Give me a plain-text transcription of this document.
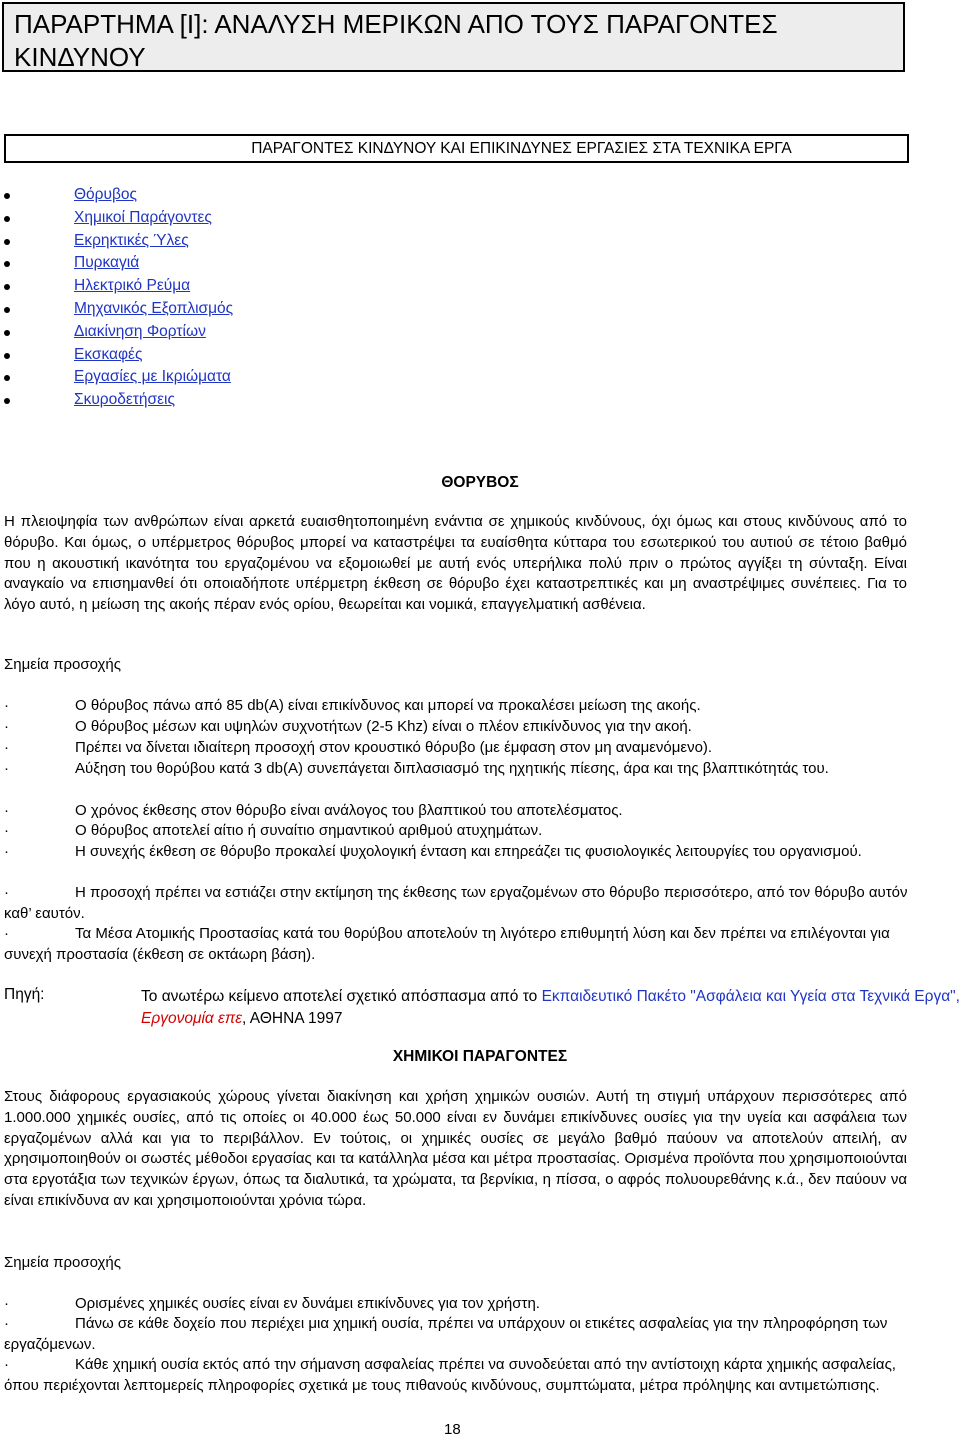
ΠΑΡΑΡΤΗΜΑ [Ι]: ΑΝΑΛΥΣΗ ΜΕΡΙΚΩΝ ΑΠΟ ΤΟΥΣ ΠΑΡΑΓΟΝΤΕΣ
ΚΙΝΔΥΝΟΥ
ΠΑΡΑΓΟΝΤΕΣ ΚΙΝΔΥΝΟΥ ΚΑΙ ΕΠΙΚΙΝΔΥΝΕΣ ΕΡΓΑΣΙΕΣ ΣΤΑ ΤΕΧΝΙΚΑ ΕΡΓΑ
Θόρυβος
Χημικοί Παράγοντες
Εκρηκτικές Ύλες
Πυρκαγιά
Ηλεκτρικό Ρεύμα
Μηχανικός Εξοπλισμός
Διακίνηση Φορτίων
Εκσκαφές
Εργασίες με Ικριώματα
Σκυροδετήσεις
ΘΟΡΥΒΟΣ
Η πλειοψηφία των ανθρώπων είναι αρκετά ευαισθητοποιημένη ενάντια σε χημικούς κινδύνους, όχι όμως και στους κινδύνους από το θόρυβο. Και όμως, ο υπέρμετρος θόρυβος μπορεί να καταστρέψει τα ευαίσθητα κύτταρα του εσωτερικού του αυτιού σε τέτοιο βαθμό που η ακουστική ικανότητα του εργαζομένου να εξομοιωθεί με αυτή ενός υπερήλικα πολύ πριν ο πρώτος αγγίξει τη σύνταξη. Είναι αναγκαίο να επισημανθεί ότι οποιαδήποτε υπέρμετρη έκθεση σε θόρυβο έχει καταστρεπτικές και μη αναστρέψιμες συνέπειες. Για το λόγο αυτό, η μείωση της ακοής πέραν ενός ορίου, θεωρείται και νομικά, επαγγελματική ασθένεια.
Σημεία προσοχής
·	Ο θόρυβος πάνω από 85 db(A) είναι επικίνδυνος και μπορεί να προκαλέσει μείωση της ακοής.
·	Ο θόρυβος μέσων και υψηλών συχνοτήτων (2-5 Khz) είναι ο πλέον επικίνδυνος για την ακοή.
·	Πρέπει να δίνεται ιδιαίτερη προσοχή στον κρουστικό θόρυβο (με έμφαση στον μη αναμενόμενο).
·	Αύξηση του θορύβου κατά 3 db(A) συνεπάγεται διπλασιασμό της ηχητικής πίεσης, άρα και της βλαπτικότητάς του.
·	Ο χρόνος έκθεσης στον θόρυβο είναι ανάλογος του βλαπτικού του αποτελέσματος.
·	Ο θόρυβος αποτελεί αίτιο ή συναίτιο σημαντικού αριθμού ατυχημάτων.
·	Η συνεχής έκθεση σε θόρυβο προκαλεί ψυχολογική ένταση και επηρεάζει τις φυσιολογικές λειτουργίες του οργανισμού.
·	Η προσοχή πρέπει να εστιάζει στην εκτίμηση της έκθεσης των εργαζομένων στο θόρυβο περισσότερο, από τον θόρυβο αυτόν καθ’ εαυτόν.
·	Τα Μέσα Ατομικής Προστασίας κατά του θορύβου αποτελούν τη λιγότερο επιθυμητή λύση και δεν πρέπει να επιλέγονται για συνεχή προστασία (έκθεση σε οκτάωρη βάση).
Πηγή:	Το ανωτέρω κείμενο αποτελεί σχετικό απόσπασμα από το Εκπαιδευτικό Πακέτο "Ασφάλεια και Υγεία στα Τεχνικά Εργα", Εργονομία επε, ΑΘΗΝΑ 1997
ΧΗΜΙΚΟΙ ΠΑΡΑΓΟΝΤΕΣ
Στους διάφορους εργασιακούς χώρους γίνεται διακίνηση και χρήση χημικών ουσιών. Αυτή τη στιγμή υπάρχουν περισσότερες από 1.000.000 χημικές ουσίες, από τις οποίες οι 40.000 έως 50.000 είναι εν δυνάμει επικίνδυνες ουσίες για την υγεία και ασφάλεια των εργαζομένων αλλά και για το περιβάλλον. Εν τούτοις, οι χημικές ουσίες σε μεγάλο βαθμό παύουν να αποτελούν απειλή, αν χρησιμοποιηθούν οι σωστές μέθοδοι εργασίας και τα κατάλληλα μέσα και μέτρα προστασίας. Ορισμένα προϊόντα που χρησιμοποιούνται στα εργοτάξια των τεχνικών έργων, όπως τα διαλυτικά, τα χρώματα, τα βερνίκια, η πίσσα, ο αφρός πολυουρεθάνης κ.ά., δεν παύουν να είναι επικίνδυνα αν και χρησιμοποιούνται χρόνια τώρα.
Σημεία προσοχής
·	Ορισμένες χημικές ουσίες είναι εν δυνάμει επικίνδυνες για τον χρήστη.
·	Πάνω σε κάθε δοχείο που περιέχει μια χημική ουσία, πρέπει να υπάρχουν οι ετικέτες ασφαλείας για την πληροφόρηση των εργαζόμενων.
·	Κάθε χημική ουσία εκτός από την σήμανση ασφαλείας πρέπει να συνοδεύεται από την αντίστοιχη κάρτα χημικής ασφαλείας, όπου περιέχονται λεπτομερείς πληροφορίες σχετικά με τους πιθανούς κινδύνους, συμπτώματα, μέτρα πρόληψης και αντιμετώπισης.
18
